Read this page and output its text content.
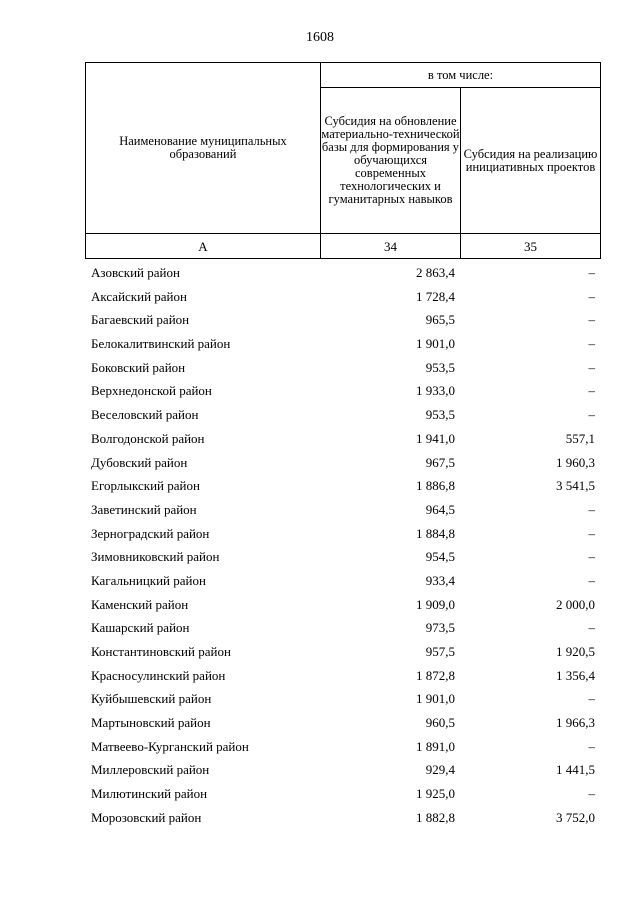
1608
Наименование муниципальных образований	в том числе:	
	Субсидия на обновление материально-технической базы для формирования у обучающихся современных технологических и гуманитарных навыков	Субсидия на реализацию инициативных проектов
А	34	35
Азовский район	2 863,4	–
Аксайский район	1 728,4	–
Багаевский район	965,5	–
Белокалитвинский район	1 901,0	–
Боковский район	953,5	–
Верхнедонской район	1 933,0	–
Веселовский район	953,5	–
Волгодонской район	1 941,0	557,1
Дубовский район	967,5	1 960,3
Егорлыкский район	1 886,8	3 541,5
Заветинский район	964,5	–
Зерноградский район	1 884,8	–
Зимовниковский район	954,5	–
Кагальницкий район	933,4	–
Каменский район	1 909,0	2 000,0
Кашарский район	973,5	–
Константиновский район	957,5	1 920,5
Красносулинский район	1 872,8	1 356,4
Куйбышевский район	1 901,0	–
Мартыновский район	960,5	1 966,3
Матвеево-Курганский район	1 891,0	–
Миллеровский район	929,4	1 441,5
Милютинский район	1 925,0	–
Морозовский район	1 882,8	3 752,0
